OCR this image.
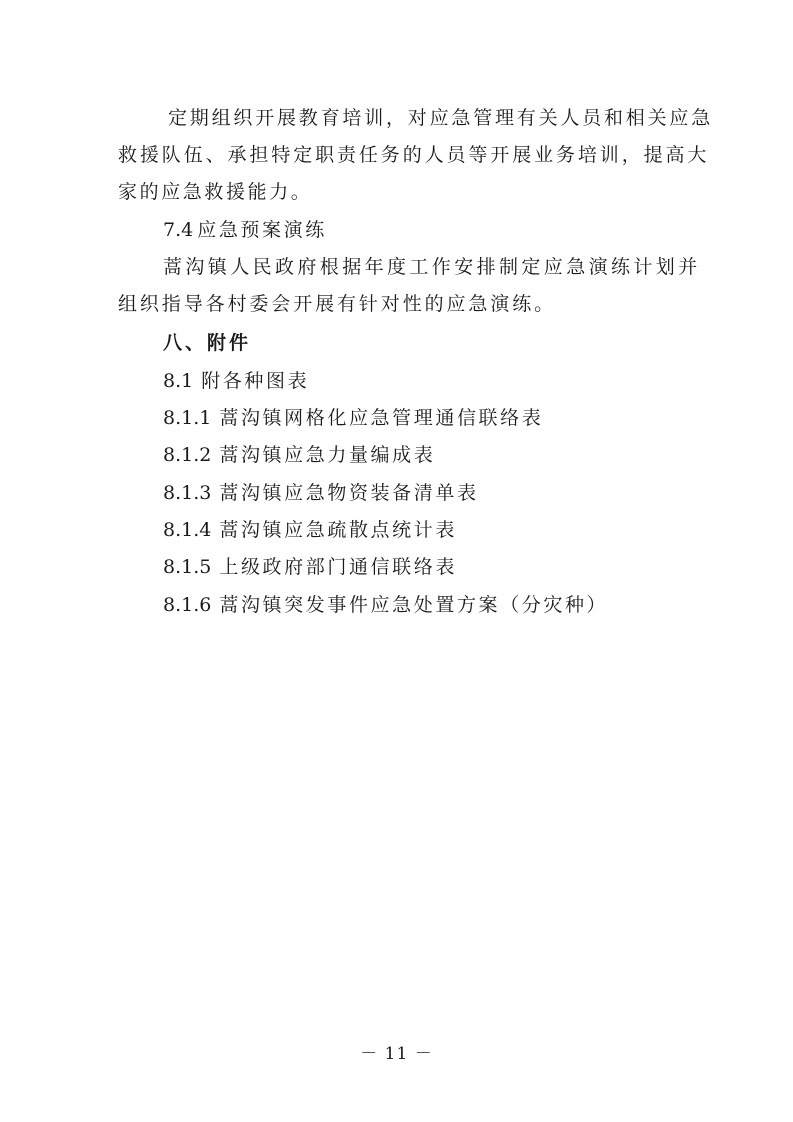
定期组织开展教育培训，对应急管理有关人员和相关应急
救援队伍、承担特定职责任务的人员等开展业务培训，提高大
家的应急救援能力。
7.4 应急预案演练
蒿沟镇人民政府根据年度工作安排制定应急演练计划并
组织指导各村委会开展有针对性的应急演练。
八、附件
8.1 附各种图表
8.1.1 蒿沟镇网格化应急管理通信联络表
8.1.2 蒿沟镇应急力量编成表
8.1.3 蒿沟镇应急物资装备清单表
8.1.4 蒿沟镇应急疏散点统计表
8.1.5 上级政府部门通信联络表
8.1.6 蒿沟镇突发事件应急处置方案（分灾种）
－ 11 －
